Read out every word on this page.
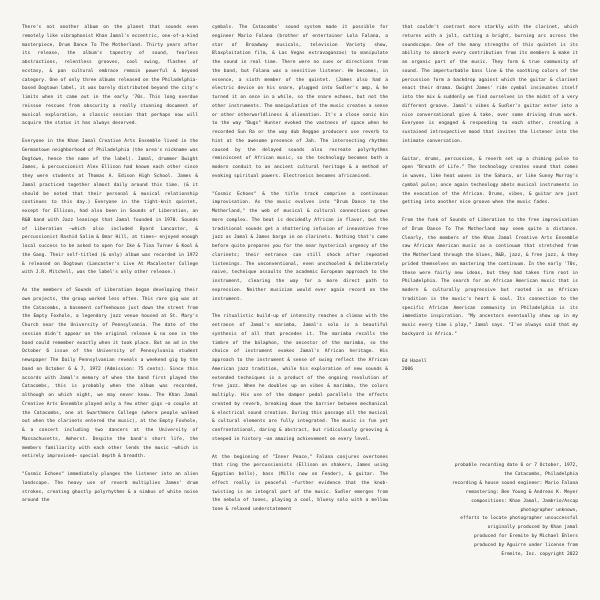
There's not another album on the planet that sounds even remotely like vibraphonist Khan Jamal's eccentric, one-of-a-kind masterpiece, Drum Dance To The Motherland. Thirty years after its release, the album's tapestry of sound, fearless abstractions, relentless grooves, cool swing, flashes of ecstasy, & pan cultural embrace remain powerful & beyond category. One of only three albums released on the Philadelphia-based Dogtown label, it was barely distributed beyond the city's limits when it came out in the early '70s. This long overdue reissue rescues from obscurity a really stunning document of musical exploration, a classic session that perhaps now will acquire the status it has always deserved.

Everyone in the Khan Jamal Creative Arts Ensemble lived in the Germantown neighborhood of Philadelphia (the area's nickname was Dogtown, hence the name of the label). Jamal, drummer Dwight James, & percussionist Alex Ellison had known each other since they were students at Thomas A. Edison High School. James & Jamal practiced together almost daily around this time. (& it should be noted that their personal & musical relationship continues to this day.) Everyone in the tight-knit quintet, except for Ellison, had also been in Sounds of Liberation, an R&B band with Jazz leanings that Jamal founded in 1970. Sounds of Liberation —which also included Byard Lancaster, & percussionist Rashid Salim & Omar Hill, at times— enjoyed enough local success to be asked to open for Ike & Tina Turner & Kool & the Gang. Their self-titled (& only) album was recorded in 1972 & released on Dogtown (Lancaster's Live At Macalester College with J.R. Mitchell, was the label's only other release.)

As the members of Sounds of Liberation began developing their own projects, the group worked less often. This rare gig was at the Catacombs, a basement coffeehouse just down the street from the Empty Foxhole, a legendary jazz venue housed at St. Mary's Church near the University of Pennsylvania. The date of the session didn't appear on the original release & no one in the band could remember exactly when it took place. But an ad in the October 6 issue of the University of Pennsylvania student newspaper The Daily Pennsylvanian reveals a weekend gig by the band on October 6 & 7, 1972 (Admission: 75 cents). Since this accords with Jamal's memory of when the band first played the Catacombs, this is probably when the album was recorded, although on which night, we may never know. The Khan Jamal Creative Arts Ensemble played only a few other gigs —a couple at the Catacombs, one at Swarthmore College (where people walked out when the clarinets entered the music), at the Empty Foxhole, & a concert including two dancers at the University of Massachusetts, Amherst. Despite the band's short life, the members familiarity with each other lends the music —which is entirely improvised— special depth & breadth.

"Cosmic Echoes" immediately plunges the listener into an alien landscape. The heavy use of reverb multiplies James' drum strokes, creating ghostly polyrhythms & a nimbus of white noise around the

cymbals. The Catacombs' sound system made it possible for engineer Mario Falana (brother of entertainer Lola Falana, a star of Broadway musicals, television Variety show, Blaxploitation film, & Las Vegas extravaganzas) to manipulate the sound in real time. There were no cues or directions from the band, but Falana was a sensitive listener. He becomes, in essence, a sixth member of the quintet. (James also had a electric device on his snare, plugged into Sudler's amp, & he turned it on once in a while, so the snare echoes, but not the other instruments. The manipulation of the music creates a sense or other otherworldliness & alienation. It's a close sonic kin to the way "Bugs" Hunter evoked the vastness of space when he recorded Sun Ra or the way dub Reggae producers use reverb to hint at the awesome presence of Jah. The intersecting rhythms caused by the delayed sounds also recreate polyrhythms reminiscent of African music, so the technology becomes both a modern conduit to an ancient cultural heritage & a method of evoking spiritual powers. Electronics becomes africanised.

"Cosmic Echoes" & the title track comprise a continuous improvisation. As the music evolves into "Drum Dance to the Motherland," the web of musical & cultural connections grows more complex. The beat is decidedly African in flavor, but the traditional sounds get a shattering infusion of innovative free jazz as Jamal & James barge in on clarinets. Nothing that's come before quite prepares you for the near hysterical urgency of the clarinets; their entrance can still shock after repeated listenings. The unconventional, even unschooled & deliberately naive, technique assaults the academic European approach to the instrument, clearing the way for a more direct path to expression. Neither musician would ever again record on the instrument.

The ritualistic build-up of intensity reaches a climax with the entrance of Jamal's marimba, Jamal's solo is a beautiful synthesis of all that precedes it. The marimba recalls the timbre of the balaphon, the ancestor of the marimba, so the choice of instrument evokes Jamal's African heritage. His approach to the instrument & sense of swing reflect the African American jazz tradition, while his exploration of new sounds & extended techniques is a product of the ongoing revolution of free jazz. When he doubles up on vibes & marimba, the colors multiply. His use of the damper pedal parallels the effects created by reverb, breaking down the barrier between mechanical & electrical sound creation. During this passage all the musical & cultural elements are fully integrated. The music is fun yet confrontational, daring & abstract, but ridiculously grooving & steeped in history —an amazing achievement on every level.

At the beginning of "Inner Peace," Falana conjures overtones that ring the percussionists (Ellison on shakers, James using Egyptian bells), bass (Mills now on Fender), & guitar. The effect really is peaceful —further evidence that the knob-twisting is an integral part of the music. Sudler emerges from the nebula of tones, playing a cool, bluesy solo with a mellow tone & relaxed understatement

that couldn't contrast more starkly with the clarinet, which returns with a jolt, cutting a bright, burning arc across the soundscape. One of the many strengths of this quintet is its ability to absorb every contribution from its members & make it an organic part of the music. They form & true community of sound. The imperturbable bass line & the soothing colors of the percussion form a backdrop against which the guitar & clarinet enact their drama. Dwight James' ride cymbal insinuates itself into the mix & suddenly we find ourselves in the midst of a very different groove. Jamal's vibes & Sudler's guitar enter into a nice conversational give & take, over some driving drum work. Everyone is engaged & responding to each other, creating a sustained introspective mood that invites the listener into the intimate conversation.

Guitar, drums, percussion, & reverb set up a chiming pulse to open "Breath of Life." The technology creates sound that comes in waves, like heat waves in the Sahara, or like Sunny Murray's cymbal pulse; once again technology abets musical instruments in the evocation of the African. Drums, vibes, & guitar are just getting into another nice groove when the music fades.

From the funk of Sounds of Liberation to the free improvisation of Drum Dance To The Motherland may seem quite a distance. Clearly, the members of the Khan Jamal Creative Arts Ensemble saw African American music as a continuum that stretched from the Motherland through the blues, R&B, jazz, & free jazz, & they prided themselves on mastering the continuum. In the early '70s, these were fairly new ideas, but they had taken firm root in Philadelphia. The search for an African American music that is modern & culturally progressive but rooted in an African tradition is the music's heart & soul. Its connection to the specific African American community in Philadelphia is its immediate inspiration. "My ancestors eventually show up in my music every time i play," Jamal says. "I've always said that my backyard is Africa."

Ed Hazell
2006
probable recording date 6 or 7 October, 1972,
the Catacombs, Philadelphia
recording & house sound engineer: Mario Falana
remastering: Ben Young & Andreas K. Meyer
compositions: Khan Jamal, Jambrio/Ascap
photographer unknown,
efforts to locate photographer unsuccessful
originally produced by Khan jamal
produced for Eremite by Michael Ehlers
produced by Aguirre under license from
Eremite, Inc. copyright 2022
